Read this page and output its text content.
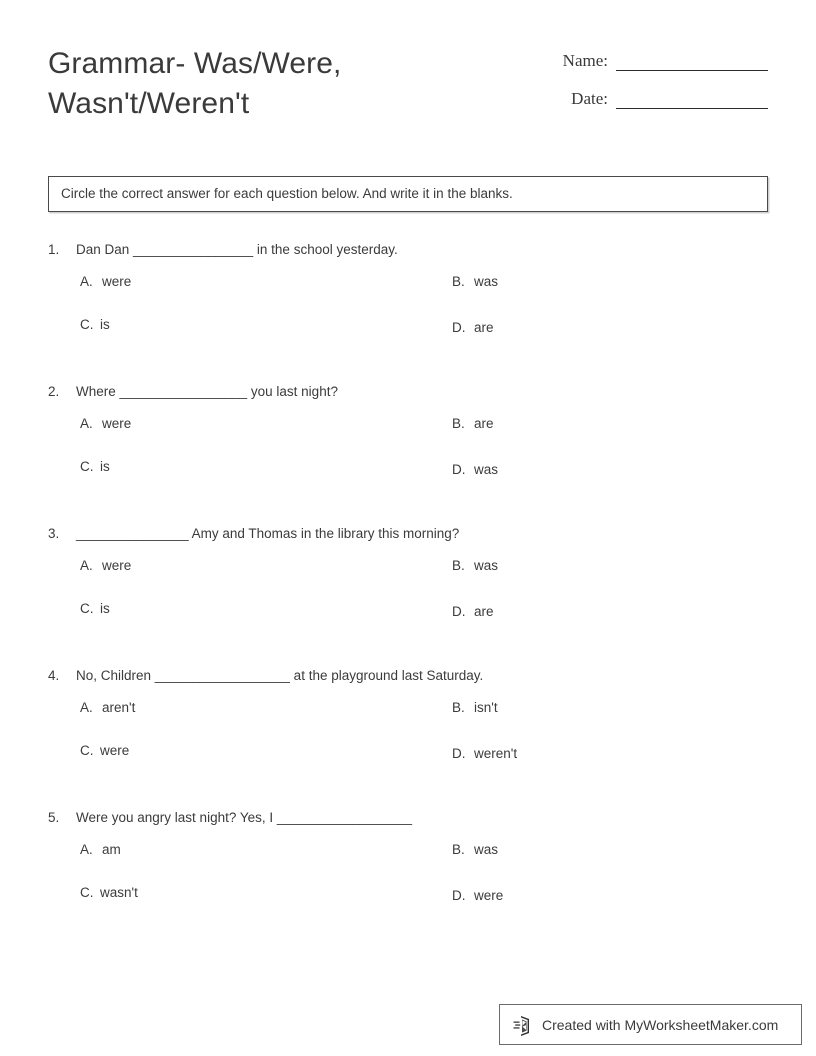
Grammar- Was/Were, Wasn't/Weren't
Name:
Date:
Circle the correct answer for each question below. And write it in the blanks.
1.	Dan Dan ________________ in the school yesterday.
A. were	B. was
C. is	D. are
2.	Where _________________ you last night?
A. were	B. are
C. is	D. was
3.	_______________ Amy and Thomas in the library this morning?
A. were	B. was
C. is	D. are
4.	No, Children __________________ at the playground last Saturday.
A. aren't	B. isn't
C. were	D. weren't
5.	Were you angry last night? Yes, I __________________
A. am	B. was
C. wasn't	D. were
Created with MyWorksheetMaker.com
